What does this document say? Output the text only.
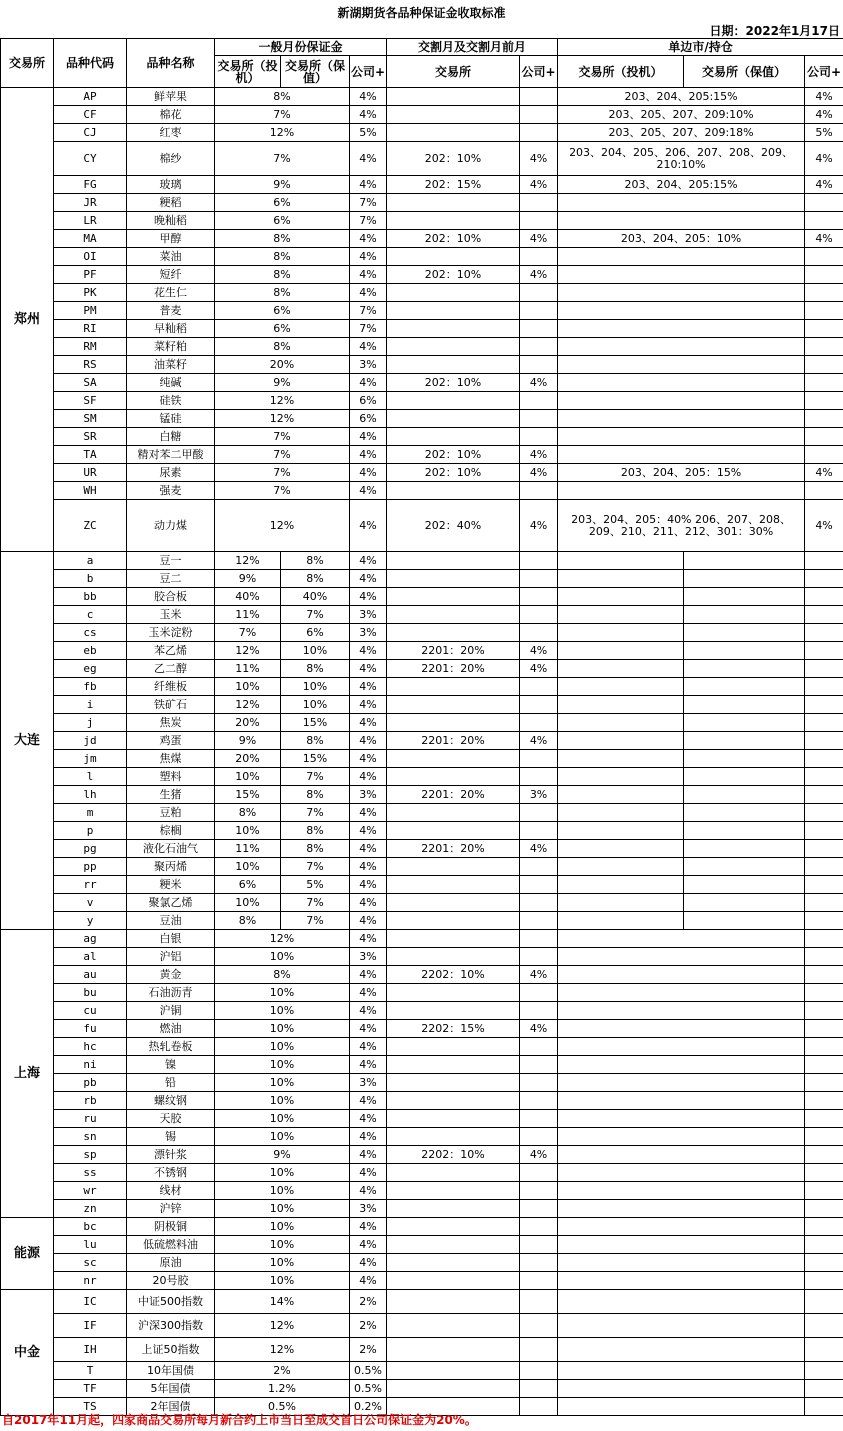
新湖期货各品种保证金收取标准
日期：2022年1月17日
交易所	品种代码	品种名称	一般月份保证金			交割月及交割月前月		单边市/持仓		
			交易所（投机）	交易所（保值）	公司+	交易所	公司+	交易所（投机）	交易所（保值）	公司+
郑州	AP	鲜苹果	8%		4%			203、204、205:15%		4%
	CF	棉花	7%		4%			203、205、207、209:10%		4%
	CJ	红枣	12%		5%			203、205、207、209:18%		5%
	CY	棉纱	7%		4%	202：10%	4%	203、204、205、206、207、208、209、210:10%		4%
	FG	玻璃	9%		4%	202：15%	4%	203、204、205:15%		4%
	JR	粳稻	6%		7%					
	LR	晚籼稻	6%		7%					
	MA	甲醇	8%		4%	202：10%	4%	203、204、205：10%		4%
	OI	菜油	8%		4%					
	PF	短纤	8%		4%	202：10%	4%			
	PK	花生仁	8%		4%					
	PM	普麦	6%		7%					
	RI	早籼稻	6%		7%					
	RM	菜籽粕	8%		4%					
	RS	油菜籽	20%		3%					
	SA	纯碱	9%		4%	202：10%	4%			
	SF	硅铁	12%		6%					
	SM	锰硅	12%		6%					
	SR	白糖	7%		4%					
	TA	精对苯二甲酸	7%		4%	202：10%	4%			
	UR	尿素	7%		4%	202：10%	4%	203、204、205：15%		4%
	WH	强麦	7%		4%					
	ZC	动力煤	12%		4%	202：40%	4%	203、204、205：40% 206、207、208、209、210、211、212、301：30%		4%
大连	a	豆一	12%	8%	4%					
	b	豆二	9%	8%	4%					
	bb	胶合板	40%	40%	4%					
	c	玉米	11%	7%	3%					
	cs	玉米淀粉	7%	6%	3%					
	eb	苯乙烯	12%	10%	4%	2201：20%	4%			
	eg	乙二醇	11%	8%	4%	2201：20%	4%			
	fb	纤维板	10%	10%	4%					
	i	铁矿石	12%	10%	4%					
	j	焦炭	20%	15%	4%					
	jd	鸡蛋	9%	8%	4%	2201：20%	4%			
	jm	焦煤	20%	15%	4%					
	l	塑料	10%	7%	4%					
	lh	生猪	15%	8%	3%	2201：20%	3%			
	m	豆粕	8%	7%	4%					
	p	棕榈	10%	8%	4%					
	pg	液化石油气	11%	8%	4%	2201：20%	4%			
	pp	聚丙烯	10%	7%	4%					
	rr	粳米	6%	5%	4%					
	v	聚氯乙烯	10%	7%	4%					
	y	豆油	8%	7%	4%					
上海	ag	白银	12%		4%					
	al	沪铝	10%		3%					
	au	黄金	8%		4%	2202：10%	4%			
	bu	石油沥青	10%		4%					
	cu	沪铜	10%		4%					
	fu	燃油	10%		4%	2202：15%	4%			
	hc	热轧卷板	10%		4%					
	ni	镍	10%		4%					
	pb	铅	10%		3%					
	rb	螺纹钢	10%		4%					
	ru	天胶	10%		4%					
	sn	锡	10%		4%					
	sp	漂针浆	9%		4%	2202：10%	4%			
	ss	不锈钢	10%		4%					
	wr	线材	10%		4%					
	zn	沪锌	10%		3%					
能源	bc	阴极铜	10%		4%					
	lu	低硫燃料油	10%		4%					
	sc	原油	10%		4%					
	nr	20号胶	10%		4%					
中金	IC	中证500指数	14%		2%					
	IF	沪深300指数	12%		2%					
	IH	上证50指数	12%		2%					
	T	10年国债	2%		0.5%					
	TF	5年国债	1.2%		0.5%					
	TS	2年国债	0.5%		0.2%					
自2017年11月起，四家商品交易所每月新合约上市当日至成交首日公司保证金为20%。
